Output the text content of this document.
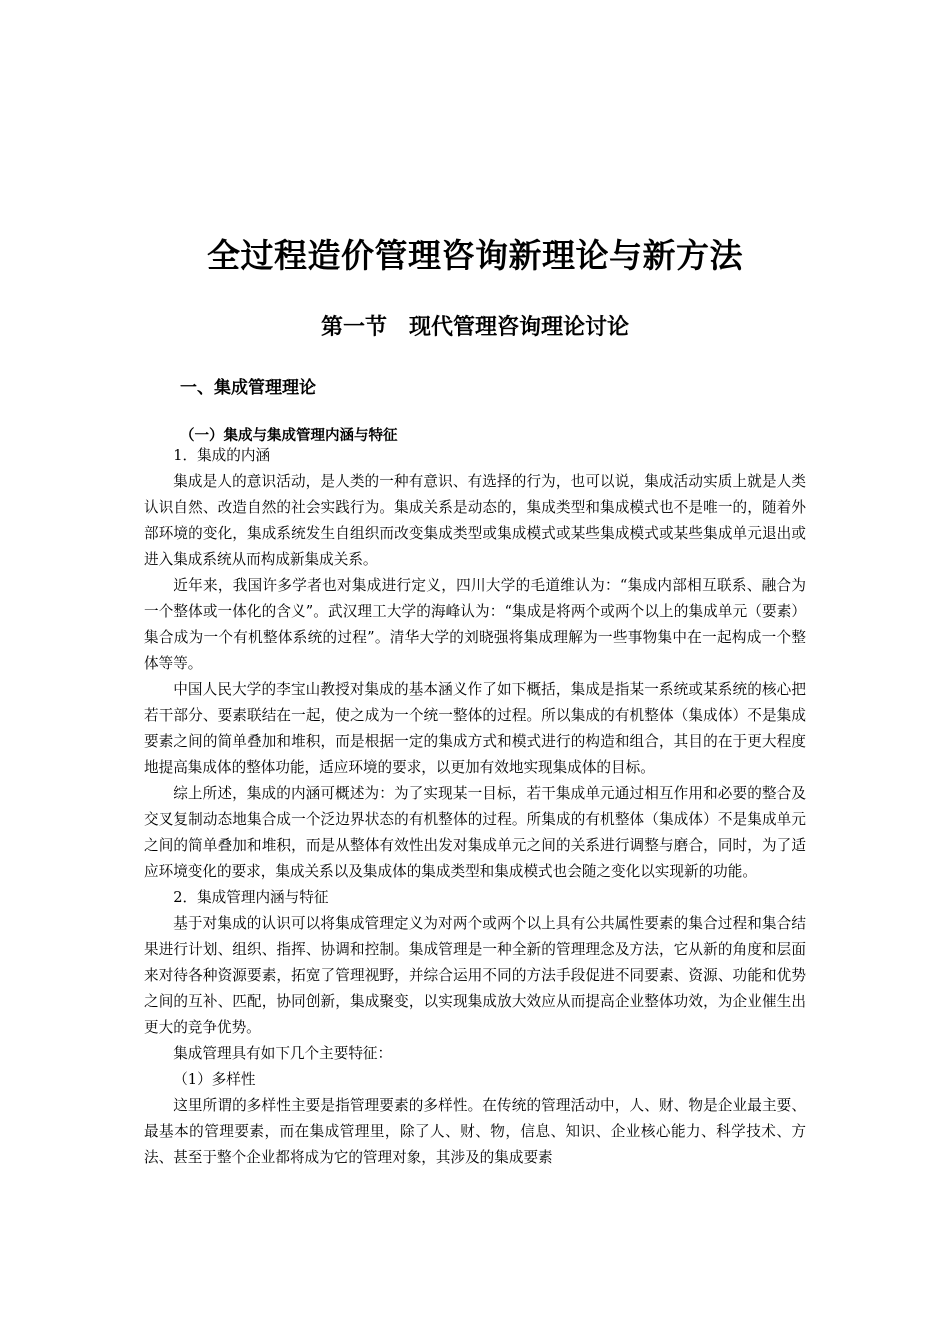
全过程造价管理咨询新理论与新方法
第一节　现代管理咨询理论讨论
一、集成管理理论
（一）集成与集成管理内涵与特征

1．集成的内涵

集成是人的意识活动，是人类的一种有意识、有选择的行为，也可以说，集成活动实质上就是人类认识自然、改造自然的社会实践行为。集成关系是动态的，集成类型和集成模式也不是唯一的，随着外部环境的变化，集成系统发生自组织而改变集成类型或集成模式或某些集成模式或某些集成单元退出或进入集成系统从而构成新集成关系。

近年来，我国许多学者也对集成进行定义，四川大学的毛道维认为：“集成内部相互联系、融合为一个整体或一体化的含义”。武汉理工大学的海峰认为：“集成是将两个或两个以上的集成单元（要素）集合成为一个有机整体系统的过程”。清华大学的刘晓强将集成理解为一些事物集中在一起构成一个整体等等。

中国人民大学的李宝山教授对集成的基本涵义作了如下概括，集成是指某一系统或某系统的核心把若干部分、要素联结在一起，使之成为一个统一整体的过程。所以集成的有机整体（集成体）不是集成要素之间的简单叠加和堆积，而是根据一定的集成方式和模式进行的构造和组合，其目的在于更大程度地提高集成体的整体功能，适应环境的要求，以更加有效地实现集成体的目标。

综上所述，集成的内涵可概述为：为了实现某一目标，若干集成单元通过相互作用和必要的整合及交叉复制动态地集合成一个泛边界状态的有机整体的过程。所集成的有机整体（集成体）不是集成单元之间的简单叠加和堆积，而是从整体有效性出发对集成单元之间的关系进行调整与磨合，同时，为了适应环境变化的要求，集成关系以及集成体的集成类型和集成模式也会随之变化以实现新的功能。

2．集成管理内涵与特征

基于对集成的认识可以将集成管理定义为对两个或两个以上具有公共属性要素的集合过程和集合结果进行计划、组织、指挥、协调和控制。集成管理是一种全新的管理理念及方法，它从新的角度和层面来对待各种资源要素，拓宽了管理视野，并综合运用不同的方法手段促进不同要素、资源、功能和优势之间的互补、匹配，协同创新，集成聚变，以实现集成放大效应从而提高企业整体功效，为企业催生出更大的竞争优势。

集成管理具有如下几个主要特征：

（1）多样性

这里所谓的多样性主要是指管理要素的多样性。在传统的管理活动中，人、财、物是企业最主要、最基本的管理要素，而在集成管理里，除了人、财、物，信息、知识、企业核心能力、科学技术、方法、甚至于整个企业都将成为它的管理对象，其涉及的集成要素
